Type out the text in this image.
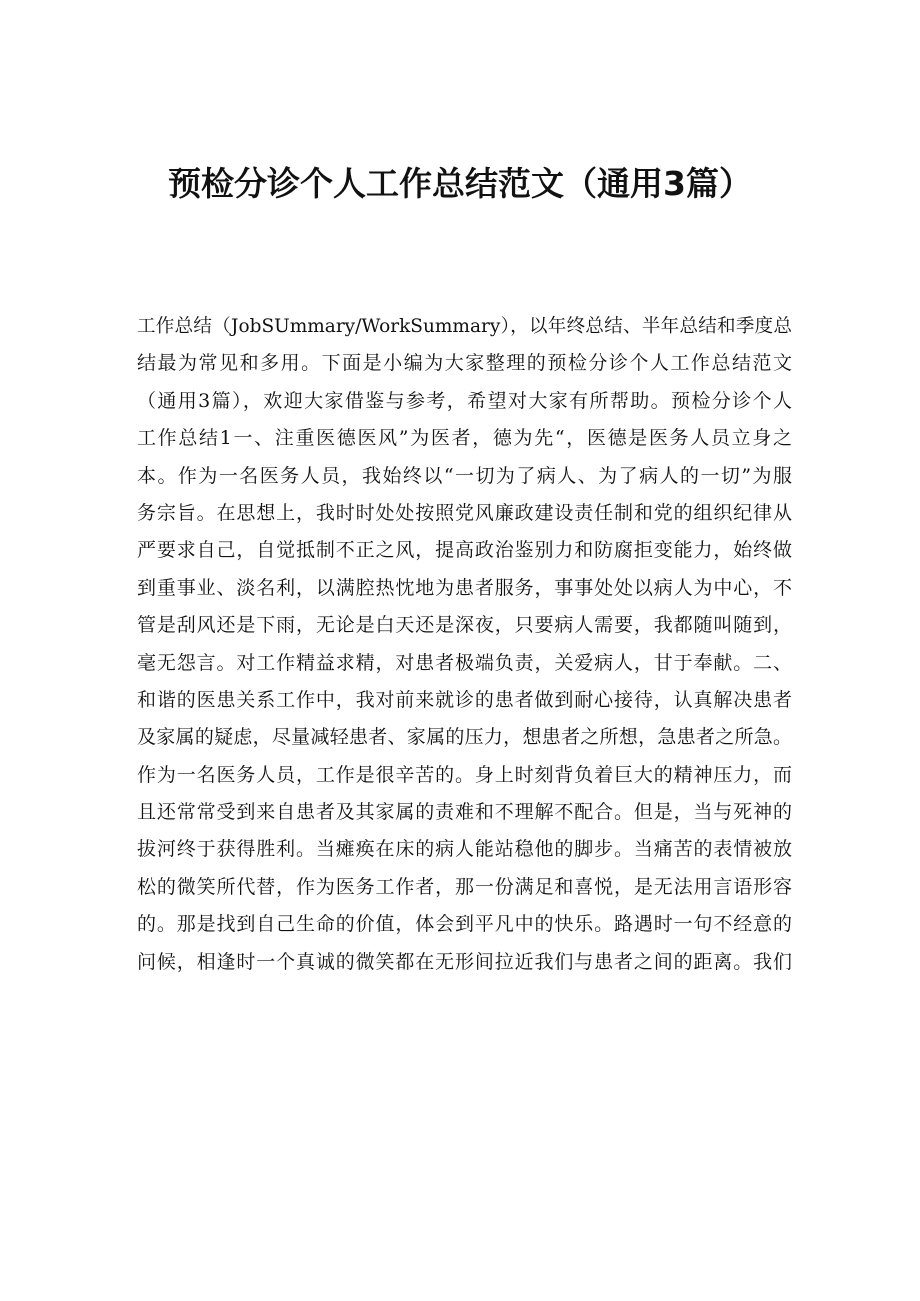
预检分诊个人工作总结范文（通用3篇）
工作总结（JobSUmmary/WorkSummary），以年终总结、半年总结和季度总
结最为常见和多用。下面是小编为大家整理的预检分诊个人工作总结范文
（通用3篇），欢迎大家借鉴与参考，希望对大家有所帮助。预检分诊个人
工作总结1一、注重医德医风”为医者，德为先“，医德是医务人员立身之
本。作为一名医务人员，我始终以“一切为了病人、为了病人的一切”为服
务宗旨。在思想上，我时时处处按照党风廉政建设责任制和党的组织纪律从
严要求自己，自觉抵制不正之风，提高政治鉴别力和防腐拒变能力，始终做
到重事业、淡名利，以满腔热忱地为患者服务，事事处处以病人为中心，不
管是刮风还是下雨，无论是白天还是深夜，只要病人需要，我都随叫随到，
毫无怨言。对工作精益求精，对患者极端负责，关爱病人，甘于奉献。二、
和谐的医患关系工作中，我对前来就诊的患者做到耐心接待，认真解决患者
及家属的疑虑，尽量减轻患者、家属的压力，想患者之所想，急患者之所急。
作为一名医务人员，工作是很辛苦的。身上时刻背负着巨大的精神压力，而
且还常常受到来自患者及其家属的责难和不理解不配合。但是，当与死神的
拔河终于获得胜利。当瘫痪在床的病人能站稳他的脚步。当痛苦的表情被放
松的微笑所代替，作为医务工作者，那一份满足和喜悦，是无法用言语形容
的。那是找到自己生命的价值，体会到平凡中的快乐。路遇时一句不经意的
问候，相逢时一个真诚的微笑都在无形间拉近我们与患者之间的距离。我们
